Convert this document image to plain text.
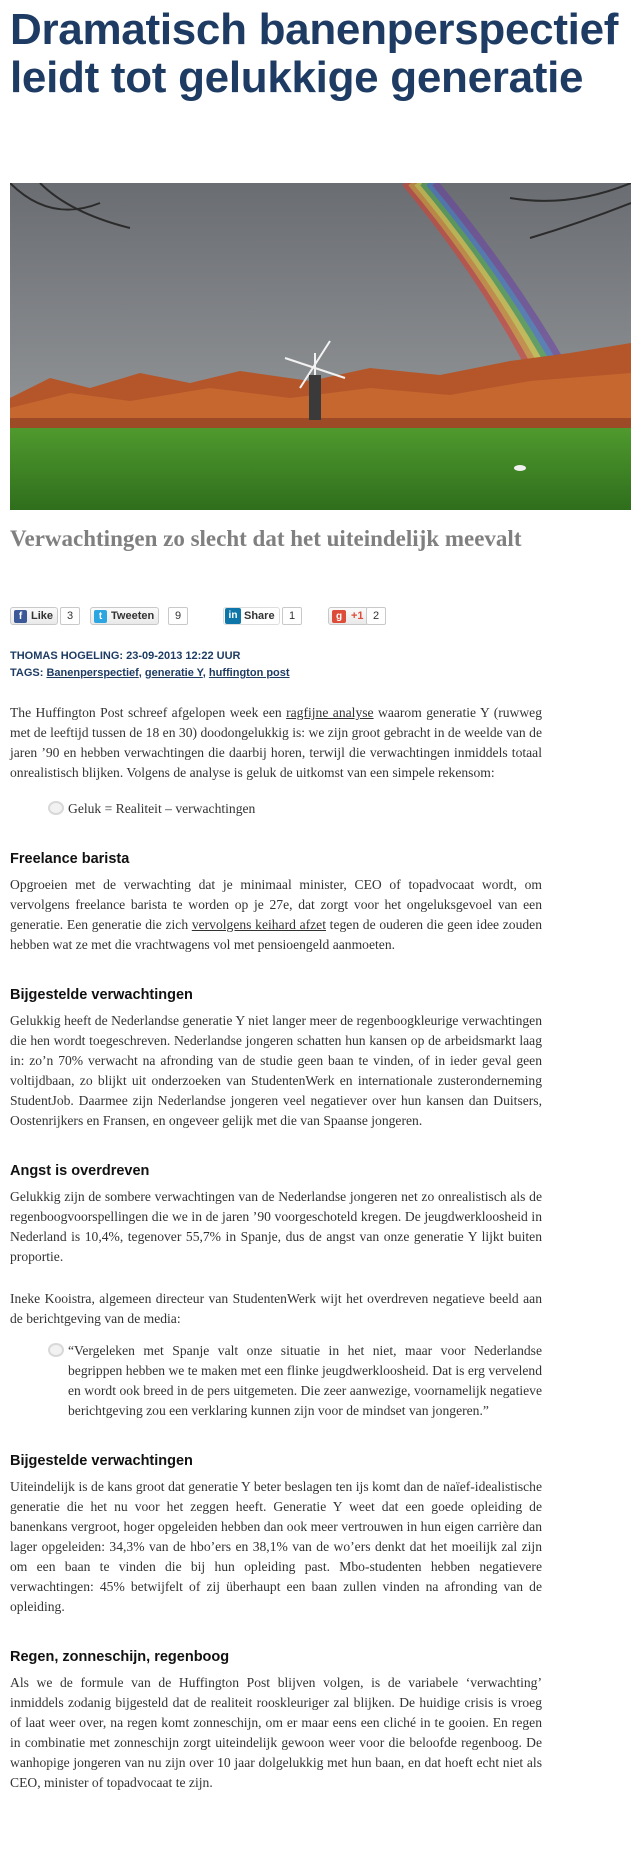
Dramatisch banenperspectief leidt tot gelukkige generatie
Verwachtingen zo slecht dat het uiteindelijk meevalt
f Like	3	t Tweeten	9	in Share	1	g +1 2
THOMAS HOGELING: 23-09-2013 12:22 UUR
TAGS: Banenperspectief, generatie Y, huffington post

The Huffington Post schreef afgelopen week een ragfijne analyse waarom generatie Y (ruwweg met de leeftijd tussen de 18 en 30) doodongelukkig is: we zijn groot gebracht in de weelde van de jaren ’90 en hebben verwachtingen die daarbij horen, terwijl die verwachtingen inmiddels totaal onrealistisch blijken. Volgens de analyse is geluk de uitkomst van een simpele rekensom:

Geluk = Realiteit – verwachtingen
Freelance barista

Opgroeien met de verwachting dat je minimaal minister, CEO of topadvocaat wordt, om vervolgens freelance barista te worden op je 27e, dat zorgt voor het ongeluksgevoel van een generatie. Een generatie die zich vervolgens keihard afzet tegen de ouderen die geen idee zouden hebben wat ze met die vrachtwagens vol met pensioengeld aanmoeten.

Bijgestelde verwachtingen

Gelukkig heeft de Nederlandse generatie Y niet langer meer de regenboogkleurige verwachtingen die hen wordt toegeschreven. Nederlandse jongeren schatten hun kansen op de arbeidsmarkt laag in: zo’n 70% verwacht na afronding van de studie geen baan te vinden, of in ieder geval geen voltijdbaan, zo blijkt uit onderzoeken van StudentenWerk en internationale zusteronderneming StudentJob. Daarmee zijn Nederlandse jongeren veel negatiever over hun kansen dan Duitsers, Oostenrijkers en Fransen, en ongeveer gelijk met die van Spaanse jongeren.

Angst is overdreven

Gelukkig zijn de sombere verwachtingen van de Nederlandse jongeren net zo onrealistisch als de regenboogvoorspellingen die we in de jaren ’90 voorgeschoteld kregen. De jeugdwerkloosheid in Nederland is 10,4%, tegenover 55,7% in Spanje, dus de angst van onze generatie Y lijkt buiten proportie.

Ineke Kooistra, algemeen directeur van StudentenWerk wijt het overdreven negatieve beeld aan de berichtgeving van de media:

“Vergeleken met Spanje valt onze situatie in het niet, maar voor Nederlandse begrippen hebben we te maken met een flinke jeugdwerkloosheid. Dat is erg vervelend en wordt ook breed in de pers uitgemeten. Die zeer aanwezige, voornamelijk negatieve berichtgeving zou een verklaring kunnen zijn voor de mindset van jongeren.”
Bijgestelde verwachtingen

Uiteindelijk is de kans groot dat generatie Y beter beslagen ten ijs komt dan de naïef-idealistische generatie die het nu voor het zeggen heeft. Generatie Y weet dat een goede opleiding de banenkans vergroot, hoger opgeleiden hebben dan ook meer vertrouwen in hun eigen carrière dan lager opgeleiden: 34,3% van de hbo’ers en 38,1% van de wo’ers denkt dat het moeilijk zal zijn om een baan te vinden die bij hun opleiding past. Mbo-studenten hebben negatievere verwachtingen: 45% betwijfelt of zij überhaupt een baan zullen vinden na afronding van de opleiding.

Regen, zonneschijn, regenboog

Als we de formule van de Huffington Post blijven volgen, is de variabele ‘verwachting’ inmiddels zodanig bijgesteld dat de realiteit rooskleuriger zal blijken. De huidige crisis is vroeg of laat weer over, na regen komt zonneschijn, om er maar eens een cliché in te gooien. En regen in combinatie met zonneschijn zorgt uiteindelijk gewoon weer voor die beloofde regenboog. De wanhopige jongeren van nu zijn over 10 jaar dolgelukkig met hun baan, en dat hoeft echt niet als CEO, minister of topadvocaat te zijn.
